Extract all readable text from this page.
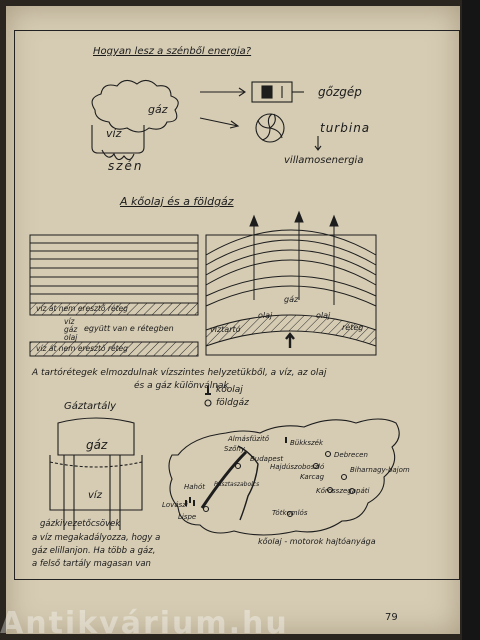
Hogyan lesz a szénből energia?
gáz
víz
szén
gőzgép
turbina
villamosenergia
A kőolaj és a földgáz
víz át nem eresztő réteg
víz
gáz
olaj
együtt van e rétegben
víz át nem eresztő réteg
gáz
olaj	olaj
víztartó	réteg
A tartórétegek elmozdulnak vízszintes helyzetükből, a víz, az olaj
és a gáz különválnak
Gáztartály
gáz
víz
gázkivezetőcsövek
a víz megakadályozza, hogy a
gáz elillanjon. Ha több a gáz,
a felső tartály magasan van
kőolaj
földgáz
Almásfüzitő
Szőny
Budapest
Bükkszék
Debrecen
Hajdúszoboszló	Biharnagy-bajom
Karcag
Kőrösszegapáti
Hahót
Lovászi
Lispe
Pusztaszabolcs
Tótkomlós
kőolaj - motorok hajtóanyága
79
Antikvárium.hu
